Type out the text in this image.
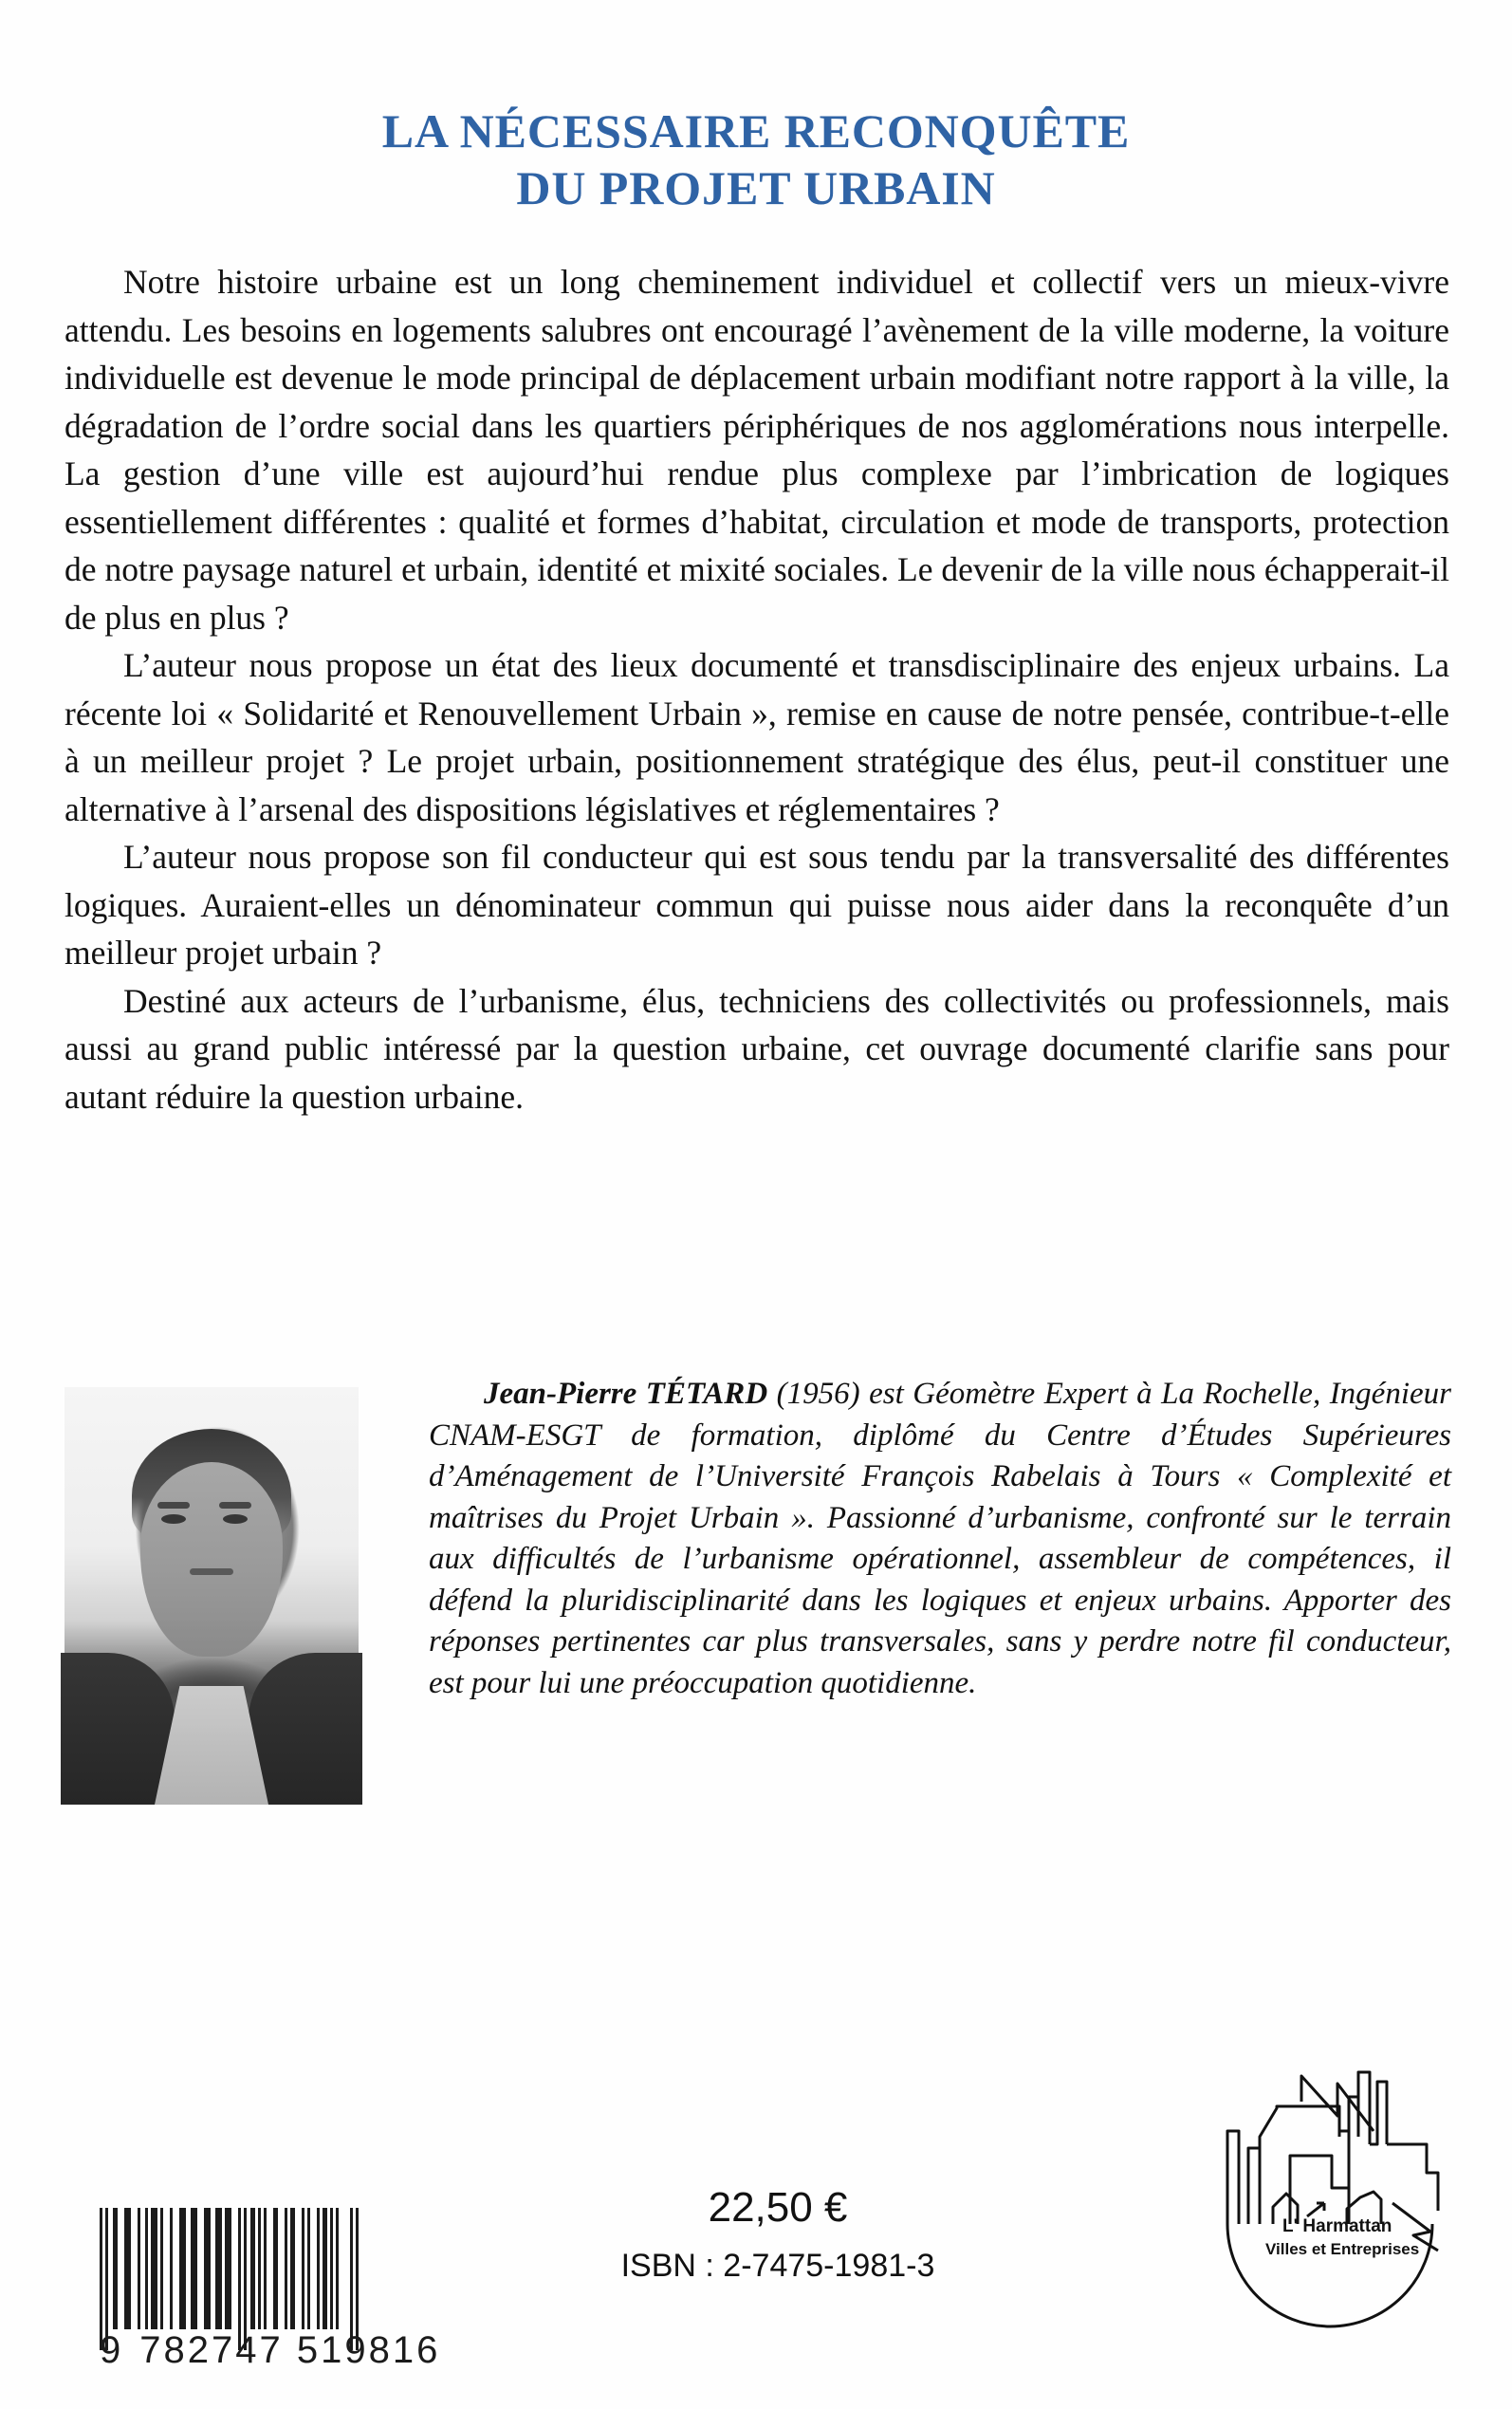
LA NÉCESSAIRE RECONQUÊTE
DU PROJET URBAIN

Notre histoire urbaine est un long cheminement individuel et collectif vers un mieux-vivre attendu. Les besoins en logements salubres ont encouragé l’avènement de la ville moderne, la voiture individuelle est devenue le mode principal de déplacement urbain modifiant notre rapport à la ville, la dégradation de l’ordre social dans les quartiers périphériques de nos agglomérations nous interpelle. La gestion d’une ville est aujourd’hui rendue plus complexe par l’imbrication de logiques essentiellement différentes : qualité et formes d’habitat, circulation et mode de transports, protection de notre paysage naturel et urbain, identité et mixité sociales. Le devenir de la ville nous échapperait-il de plus en plus ?

L’auteur nous propose un état des lieux documenté et transdisciplinaire des enjeux urbains. La récente loi « Solidarité et Renouvellement Urbain », remise en cause de notre pensée, contribue-t-elle à un meilleur projet ? Le projet urbain, positionnement stratégique des élus, peut-il constituer une alternative à l’arsenal des dispositions législatives et réglementaires ?

L’auteur nous propose son fil conducteur qui est sous tendu par la transversalité des différentes logiques. Auraient-elles un dénominateur commun qui puisse nous aider dans la reconquête d’un meilleur projet urbain ?

Destiné aux acteurs de l’urbanisme, élus, techniciens des collectivités ou professionnels, mais aussi au grand public intéressé par la question urbaine, cet ouvrage documenté clarifie sans pour autant réduire la question urbaine.

Jean-Pierre TÉTARD (1956) est Géomètre Expert à La Rochelle, Ingénieur CNAM-ESGT de formation, diplômé du Centre d’Études Supérieures d’Aménagement de l’Université François Rabelais à Tours « Complexité et maîtrises du Projet Urbain ». Passionné d’urbanisme, confronté sur le terrain aux difficultés de l’urbanisme opérationnel, assembleur de compétences, il défend la pluridisciplinarité dans les logiques et enjeux urbains. Apporter des réponses pertinentes car plus transversales, sans y perdre notre fil conducteur, est pour lui une préoccupation quotidienne.

9 782747 519816
22,50 €
ISBN : 2-7475-1981-3
L' Harmattan
Villes et Entreprises
